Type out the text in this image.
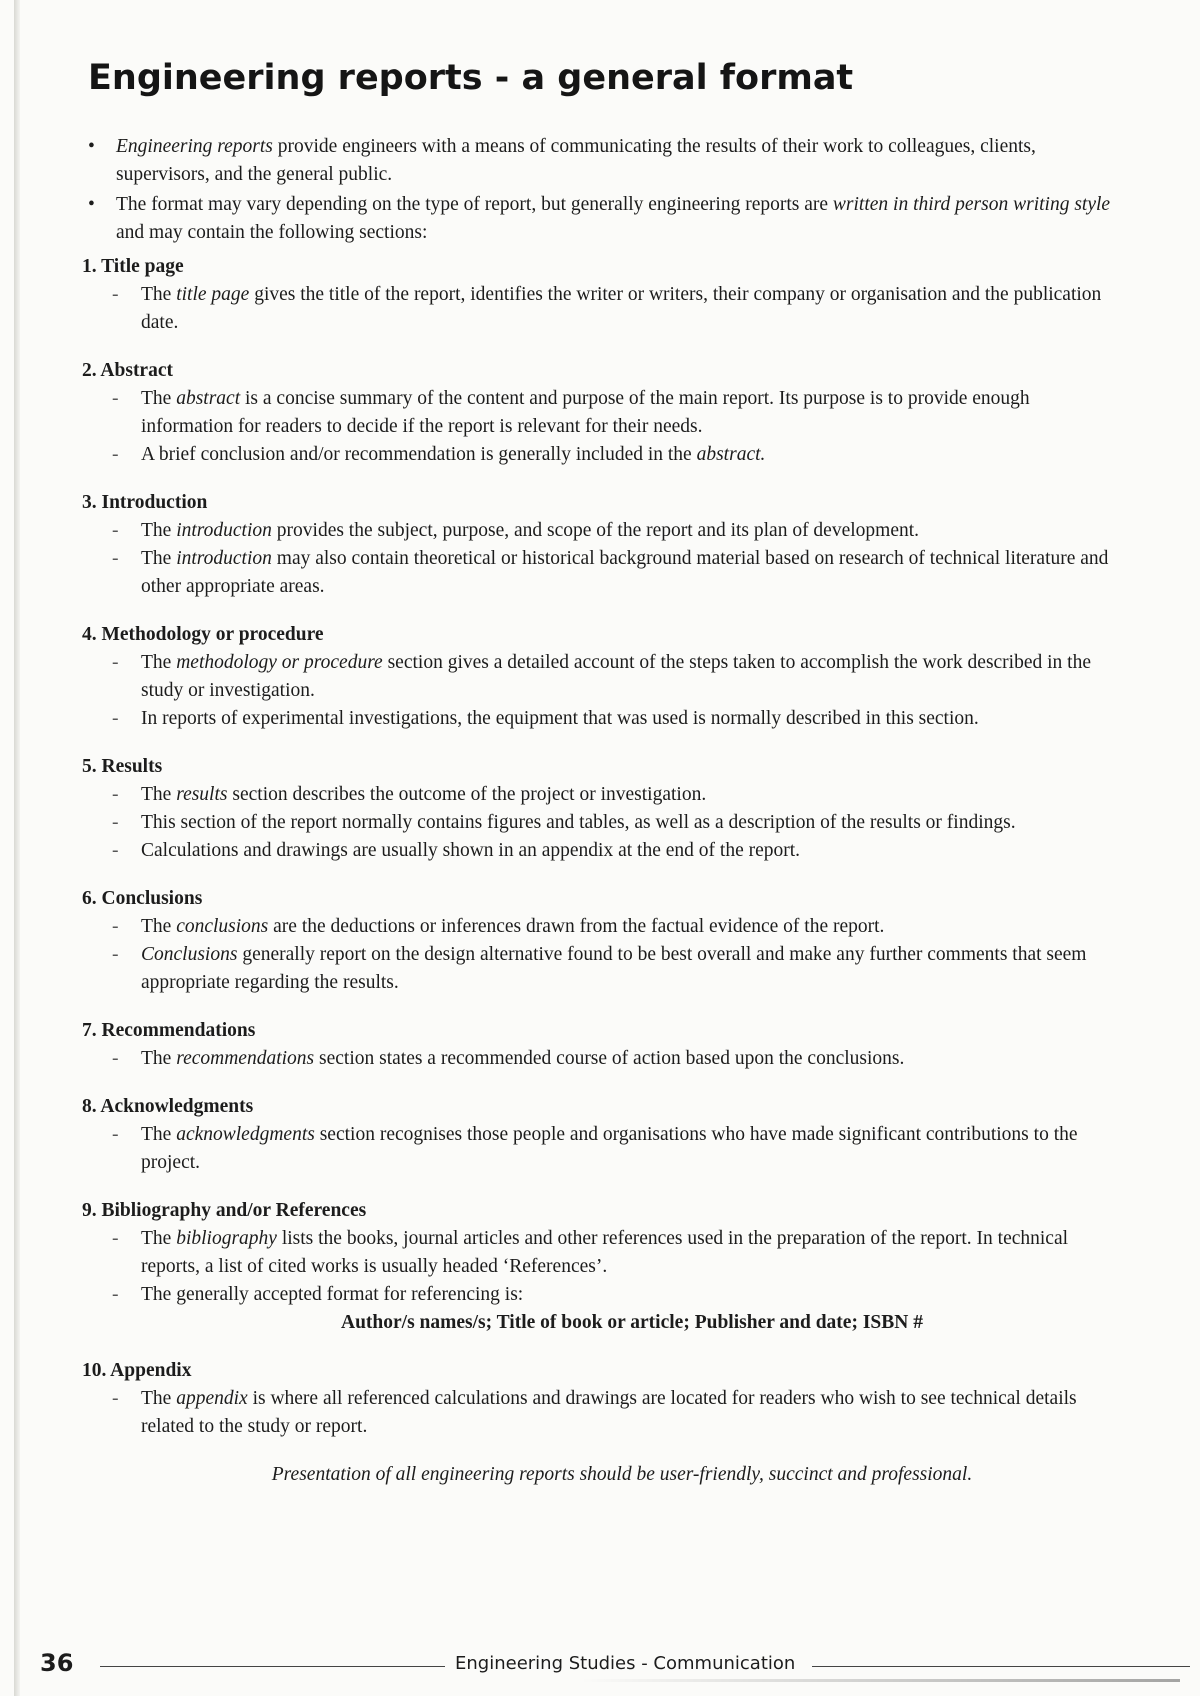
Engineering reports - a general format
• Engineering reports provide engineers with a means of communicating the results of their work to colleagues, clients, supervisors, and the general public.
• The format may vary depending on the type of report, but generally engineering reports are written in third person writing style and may contain the following sections:
1. Title page
- The title page gives the title of the report, identifies the writer or writers, their company or organisation and the publication date.
2. Abstract
- The abstract is a concise summary of the content and purpose of the main report. Its purpose is to provide enough information for readers to decide if the report is relevant for their needs.
- A brief conclusion and/or recommendation is generally included in the abstract.
3. Introduction
- The introduction provides the subject, purpose, and scope of the report and its plan of development.
- The introduction may also contain theoretical or historical background material based on research of technical literature and other appropriate areas.
4. Methodology or procedure
- The methodology or procedure section gives a detailed account of the steps taken to accomplish the work described in the study or investigation.
- In reports of experimental investigations, the equipment that was used is normally described in this section.
5. Results
- The results section describes the outcome of the project or investigation.
- This section of the report normally contains figures and tables, as well as a description of the results or findings.
- Calculations and drawings are usually shown in an appendix at the end of the report.
6. Conclusions
- The conclusions are the deductions or inferences drawn from the factual evidence of the report.
- Conclusions generally report on the design alternative found to be best overall and make any further comments that seem appropriate regarding the results.
7. Recommendations
- The recommendations section states a recommended course of action based upon the conclusions.
8. Acknowledgments
- The acknowledgments section recognises those people and organisations who have made significant contributions to the project.
9. Bibliography and/or References
- The bibliography lists the books, journal articles and other references used in the preparation of the report. In technical reports, a list of cited works is usually headed ‘References’.
- The generally accepted format for referencing is:
Author/s names/s; Title of book or article; Publisher and date; ISBN #
10. Appendix
- The appendix is where all referenced calculations and drawings are located for readers who wish to see technical details related to the study or report.

Presentation of all engineering reports should be user-friendly, succinct and professional.

36	Engineering Studies - Communication
